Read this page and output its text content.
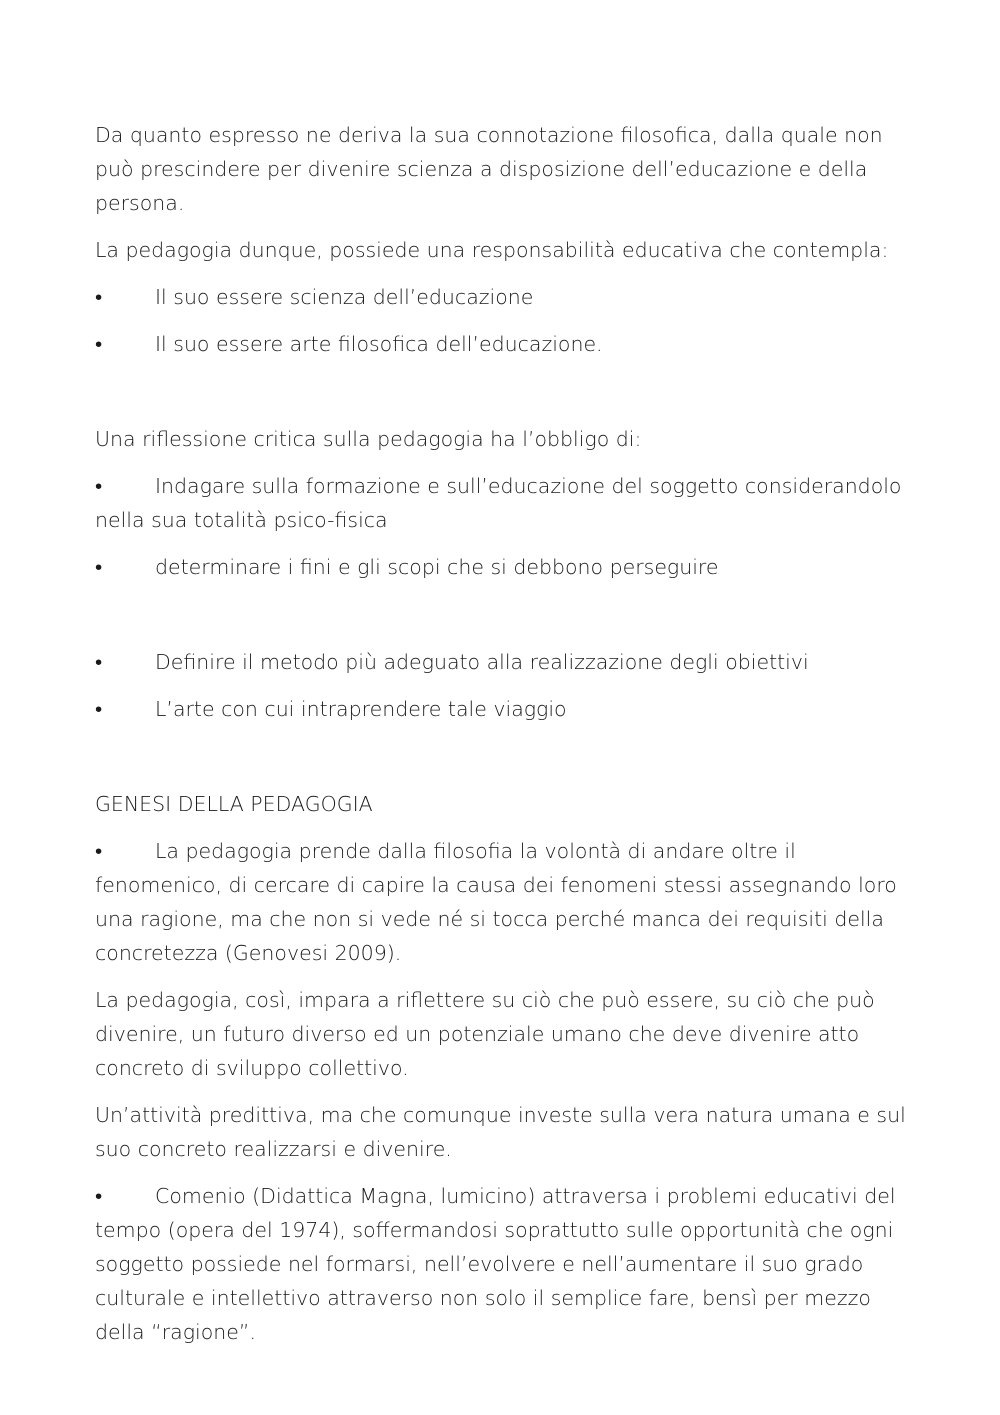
Da quanto espresso ne deriva la sua connotazione filosofica, dalla quale non può prescindere per divenire scienza a disposizione dell’educazione e della persona.

La pedagogia dunque, possiede una responsabilità educativa che contempla:

•	Il suo essere scienza dell’educazione

•	Il suo essere arte filosofica dell’educazione.

Una riflessione critica sulla pedagogia ha l’obbligo di:

•	Indagare sulla formazione e sull’educazione del soggetto considerandolo nella sua totalità psico-fisica

•	determinare i fini e gli scopi che si debbono perseguire

•	Definire il metodo più adeguato alla realizzazione degli obiettivi

•	L’arte con cui intraprendere tale viaggio

GENESI DELLA PEDAGOGIA

•	La pedagogia prende dalla filosofia la volontà di andare oltre il fenomenico, di cercare di capire la causa dei fenomeni stessi assegnando loro una ragione, ma che non si vede né si tocca perché manca dei requisiti della concretezza (Genovesi 2009).

La pedagogia, così, impara a riflettere su ciò che può essere, su ciò che può divenire, un futuro diverso ed un potenziale umano che deve divenire atto concreto di sviluppo collettivo.

Un’attività predittiva, ma che comunque investe sulla vera natura umana e sul suo concreto realizzarsi e divenire.

•	Comenio (Didattica Magna, lumicino) attraversa i problemi educativi del tempo (opera del 1974), soffermandosi soprattutto sulle opportunità che ogni soggetto possiede nel formarsi, nell’evolvere e nell’aumentare il suo grado culturale e intellettivo attraverso non solo il semplice fare, bensì per mezzo della “ragione”.
